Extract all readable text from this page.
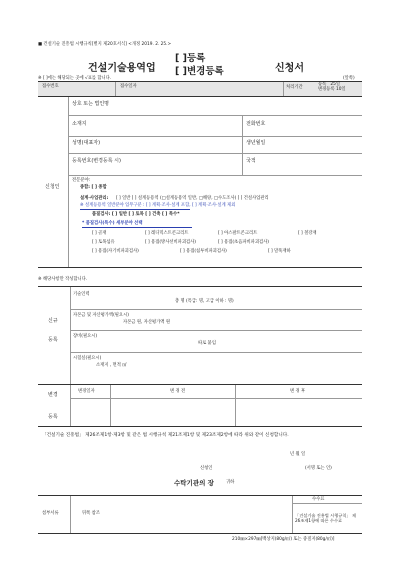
■ 건설기술 진흥법 시행규칙[별지 제20호서식] <개정 2019. 2. 25.>
건설기술용역업
[ ]등록
[ ]변경등록	신청서
※ [ ]에는 해당되는 곳에 √표를 합니다.	(앞쪽)
접수번호	접수일자	처리기간
등록   25일
변경등록 10일
신청인
상호 또는 법인명
소재지	전화번호
성명(대표자)	생년월일
등록번호(변경등록 시)	국적
전문분야:
종합: [ ] 종합
설계·사업관리: [ ] 일반 [ ] 설계등용역 (□설계등용역 일반, □해양, □수도조사) [ ] 건설사업관리
※ 설계등용역 일반분야 업무구분 : [ ] 계획·조사·설계 포함, [ ] 계획·조사·설계 제외
품질검사: [ ] 일반 [ ] 토목 [ ] 건축 [ ] 특수*
* 품질검사(특수) 세부분야 선택
[ ] 골재	[ ] 레디믹스트콘크리트	[ ] 아스팔트콘크리트	[ ] 철강재
[ ] 토목섬유	[ ] 용접(방사선비파괴검사)	[ ] 용접(초음파비파괴검사)
[ ] 용접(자기비파괴검사)	[ ] 용접(침투비파괴검사)	[ ] 말뚝재하
※ 해당사항만 작성합니다.
신규
등록
기술인력
총 명 (특급: 명, 고급 이하 : 명)
자본금 및 자산평가액(필요시)
자본금 원, 자산평가액 원
장비(필요시)
따로 붙임
시험실(필요시)
소재지 , 면적 ㎡
변경
등록
변경일자	변 경 전	변 경 후
「건설기술 진흥법」 제26조제1항·제3항 및 같은 법 시행규칙 제21조제1항 및 제23조제2항에 따라 위와 같이 신청합니다.
년 월 일
신청인	(서명 또는 인)
수탁기관의 장	귀하
수수료
첨부서류	뒤쪽 참조	「건설기술 진흥법 시행규칙」 제26조제1항에 따른 수수료
210㎜×297㎜[백상지(80g/㎡) 또는 중질지(80g/㎡)]
